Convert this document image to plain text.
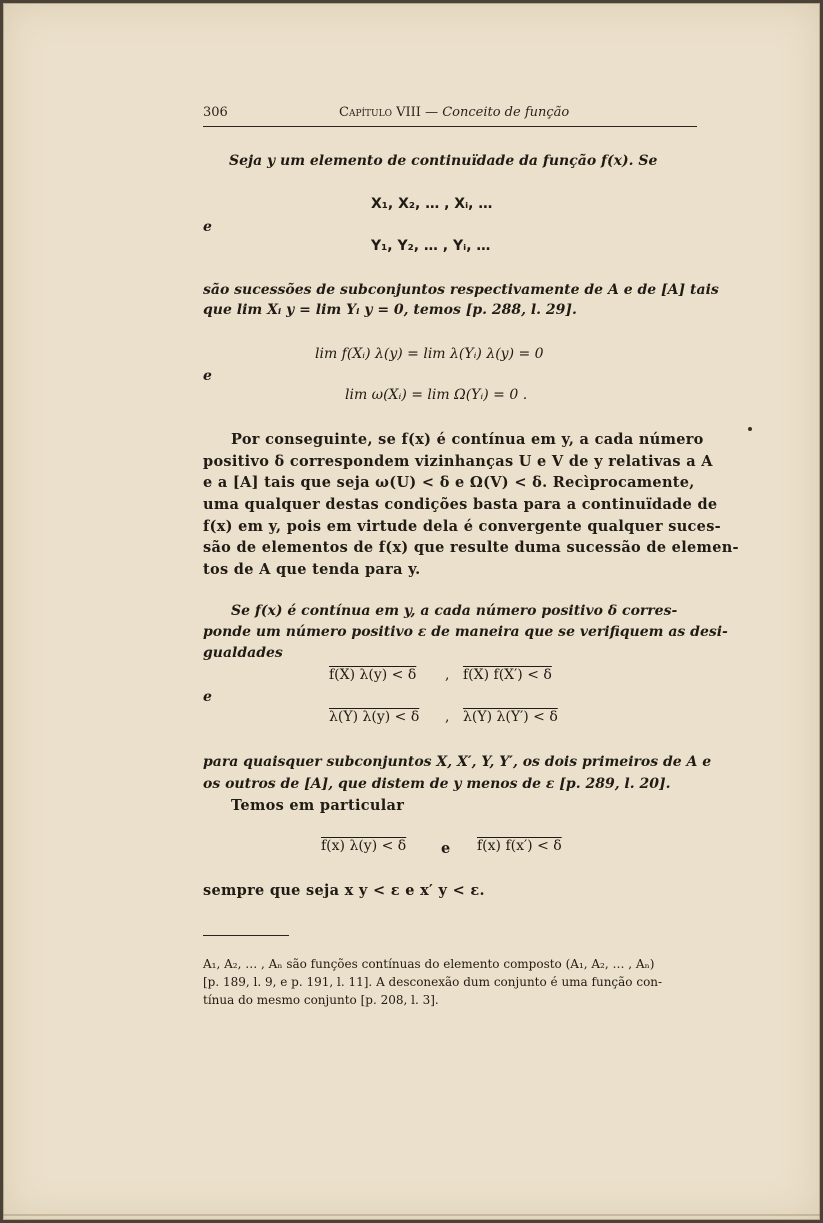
306	Capítulo VIII — Conceito de função
Seja y um elemento de continuïdade da função f(x). Se
X₁, X₂, … , Xᵢ, …
e
Y₁, Y₂, … , Yᵢ, …
são sucessões de subconjuntos respectivamente de A e de [A] tais
que lim Xᵢ y = lim Yᵢ y = 0, temos [p. 288, l. 29].
lim f(Xᵢ) λ(y) = lim λ(Yᵢ) λ(y) = 0
e
lim ω(Xᵢ) = lim Ω(Yᵢ) = 0 .
Por conseguinte, se f(x) é contínua em y, a cada número
positivo δ correspondem vizinhanças U e V de y relativas a A
e a [A] tais que seja ω(U) < δ e Ω(V) < δ. Recìprocamente,
uma qualquer destas condições basta para a continuïdade de
f(x) em y, pois em virtude dela é convergente qualquer suces-
são de elementos de f(x) que resulte duma sucessão de elemen-
tos de A que tenda para y.
Se f(x) é contínua em y, a cada número positivo δ corres-
ponde um número positivo ε de maneira que se verifiquem as desi-
gualdades
f(X) λ(y) < δ , f(X) f(X′) < δ
e
λ(Y) λ(y) < δ , λ(Y) λ(Y′) < δ
para quaisquer subconjuntos X, X′, Y, Y′, os dois primeiros de A e
os outros de [A], que distem de y menos de ε [p. 289, l. 20].
Temos em particular
f(x) λ(y) < δ e f(x) f(x′) < δ
sempre que seja x y < ε e x′ y < ε.
A₁, A₂, … , Aₙ são funções contínuas do elemento composto (A₁, A₂, … , Aₙ)
[p. 189, l. 9, e p. 191, l. 11]. A desconexão dum conjunto é uma função con-
tínua do mesmo conjunto [p. 208, l. 3].
